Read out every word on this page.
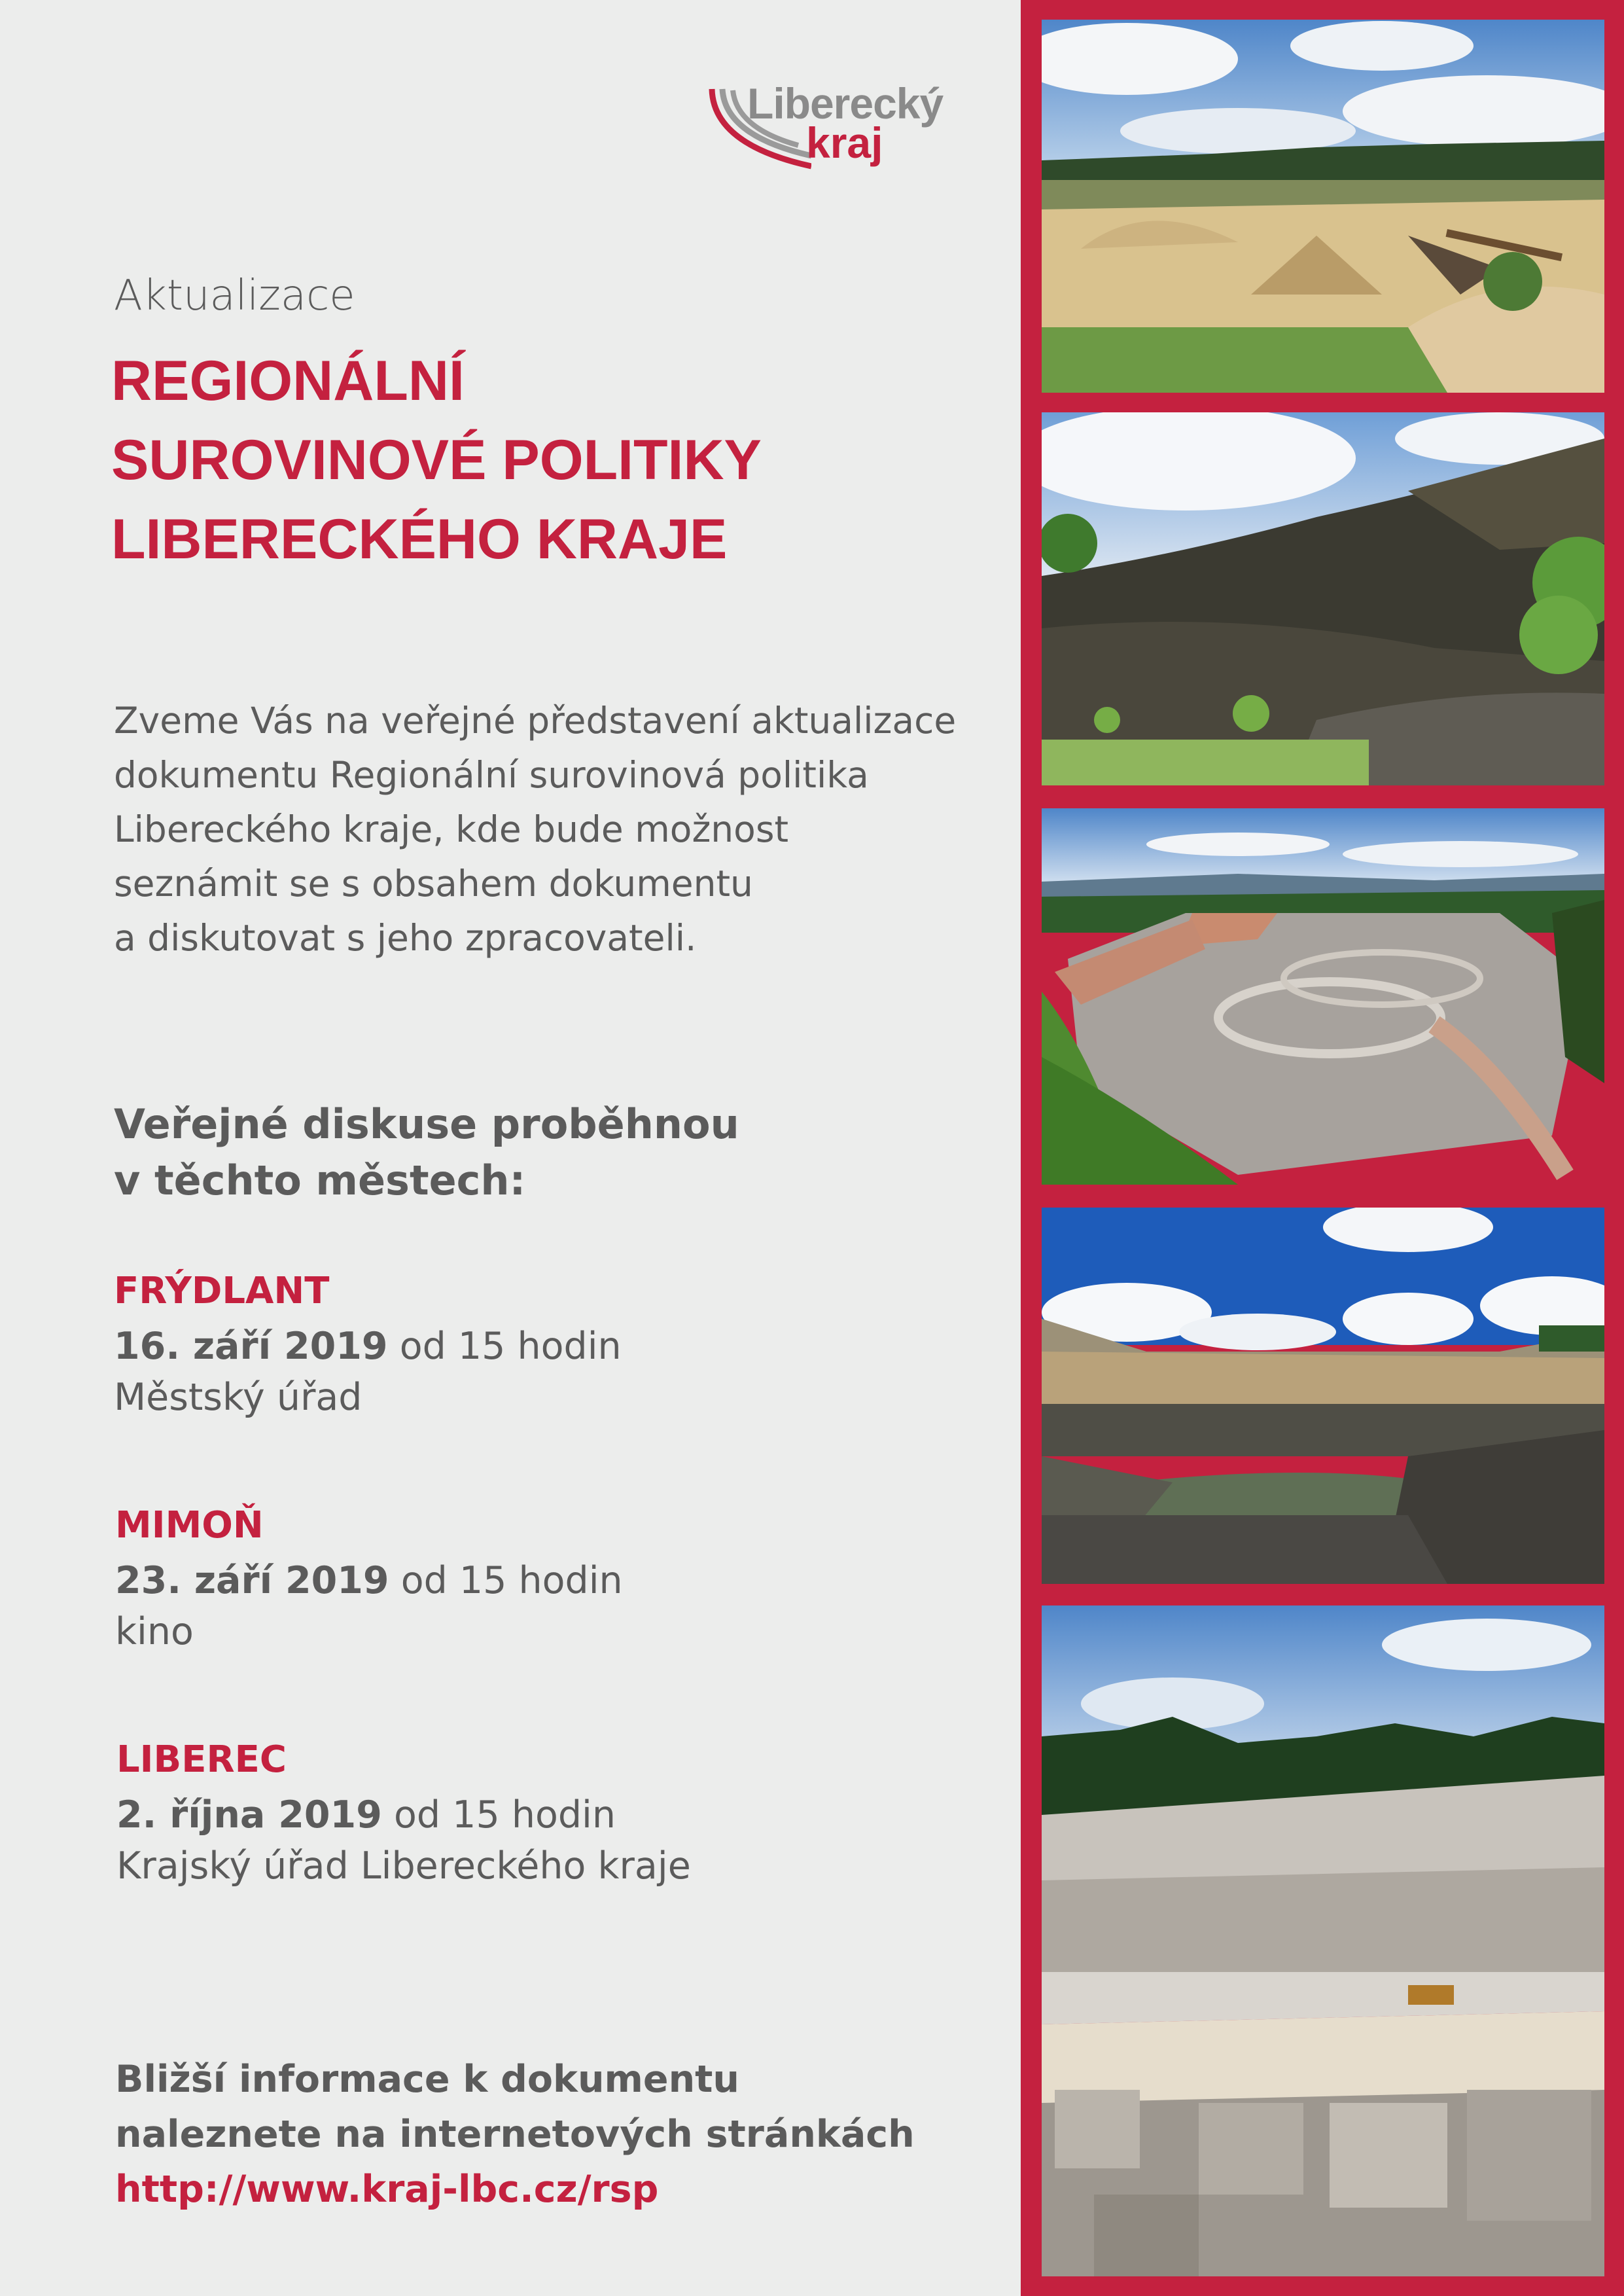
Liberecký
kraj
Aktualizace
REGIONÁLNÍ
SUROVINOVÉ POLITIKY
LIBERECKÉHO KRAJE
Zveme Vás na veřejné představení aktualizace
dokumentu Regionální surovinová politika
Libereckého kraje, kde bude možnost
seznámit se s obsahem dokumentu
a diskutovat s jeho zpracovateli.
Veřejné diskuse proběhnou
v těchto městech:
FRÝDLANT
16. září 2019 od 15 hodin
Městský úřad
MIMOŇ
23. září 2019 od 15 hodin
kino
LIBEREC
2. října 2019 od 15 hodin
Krajský úřad Libereckého kraje
Bližší informace k dokumentu
naleznete na internetových stránkách
http://www.kraj-lbc.cz/rsp
